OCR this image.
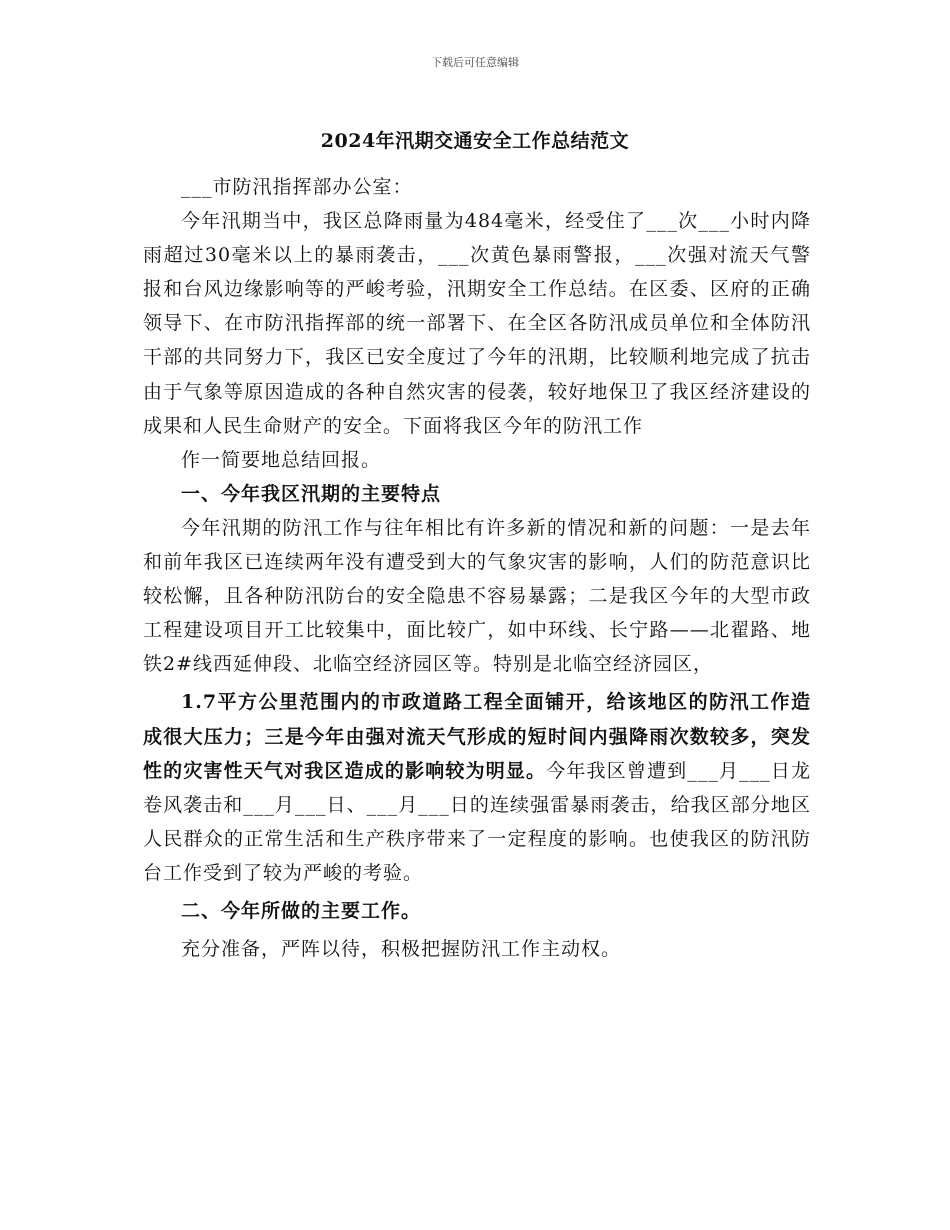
下载后可任意编辑
2024年汛期交通安全工作总结范文

___市防汛指挥部办公室：

今年汛期当中，我区总降雨量为484毫米，经受住了___次___小时内降雨超过30毫米以上的暴雨袭击，___次黄色暴雨警报，___次强对流天气警报和台风边缘影响等的严峻考验，汛期安全工作总结。在区委、区府的正确领导下、在市防汛指挥部的统一部署下、在全区各防汛成员单位和全体防汛干部的共同努力下，我区已安全度过了今年的汛期，比较顺利地完成了抗击由于气象等原因造成的各种自然灾害的侵袭，较好地保卫了我区经济建设的成果和人民生命财产的安全。下面将我区今年的防汛工作

作一简要地总结回报。

一、今年我区汛期的主要特点

今年汛期的防汛工作与往年相比有许多新的情况和新的问题：一是去年和前年我区已连续两年没有遭受到大的气象灾害的影响，人们的防范意识比较松懈，且各种防汛防台的安全隐患不容易暴露；二是我区今年的大型市政工程建设项目开工比较集中，面比较广，如中环线、长宁路——北翟路、地铁2#线西延伸段、北临空经济园区等。特别是北临空经济园区，

1.7平方公里范围内的市政道路工程全面铺开，给该地区的防汛工作造成很大压力；三是今年由强对流天气形成的短时间内强降雨次数较多，突发性的灾害性天气对我区造成的影响较为明显。今年我区曾遭到___月___日龙卷风袭击和___月___日、___月___日的连续强雷暴雨袭击，给我区部分地区人民群众的正常生活和生产秩序带来了一定程度的影响。也使我区的防汛防台工作受到了较为严峻的考验。

二、今年所做的主要工作。

充分准备，严阵以待，积极把握防汛工作主动权。
